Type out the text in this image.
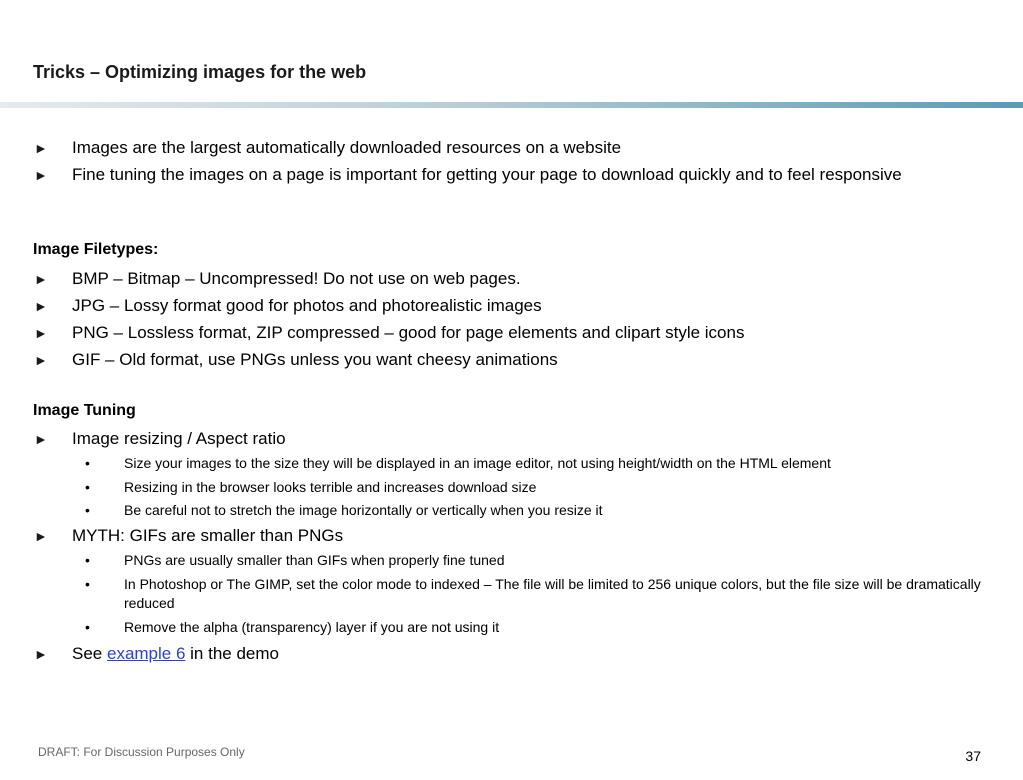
Tricks – Optimizing images for the web
► Images are the largest automatically downloaded resources on a website
► Fine tuning the images on a page is important for getting your page to download quickly and to feel responsive
Image Filetypes:
► BMP – Bitmap – Uncompressed! Do not use on web pages.
► JPG – Lossy format good for photos and photorealistic images
► PNG – Lossless format, ZIP compressed – good for page elements and clipart style icons
► GIF – Old format, use PNGs unless you want cheesy animations
Image Tuning
► Image resizing / Aspect ratio
• Size your images to the size they will be displayed in an image editor, not using height/width on the HTML element
• Resizing in the browser looks terrible and increases download size
• Be careful not to stretch the image horizontally or vertically when you resize it
► MYTH: GIFs are smaller than PNGs
• PNGs are usually smaller than GIFs when properly fine tuned
• In Photoshop or The GIMP, set the color mode to indexed – The file will be limited to 256 unique colors, but the file size will be dramatically reduced
• Remove the alpha (transparency) layer if you are not using it
► See example 6 in the demo
DRAFT: For Discussion Purposes Only	37
